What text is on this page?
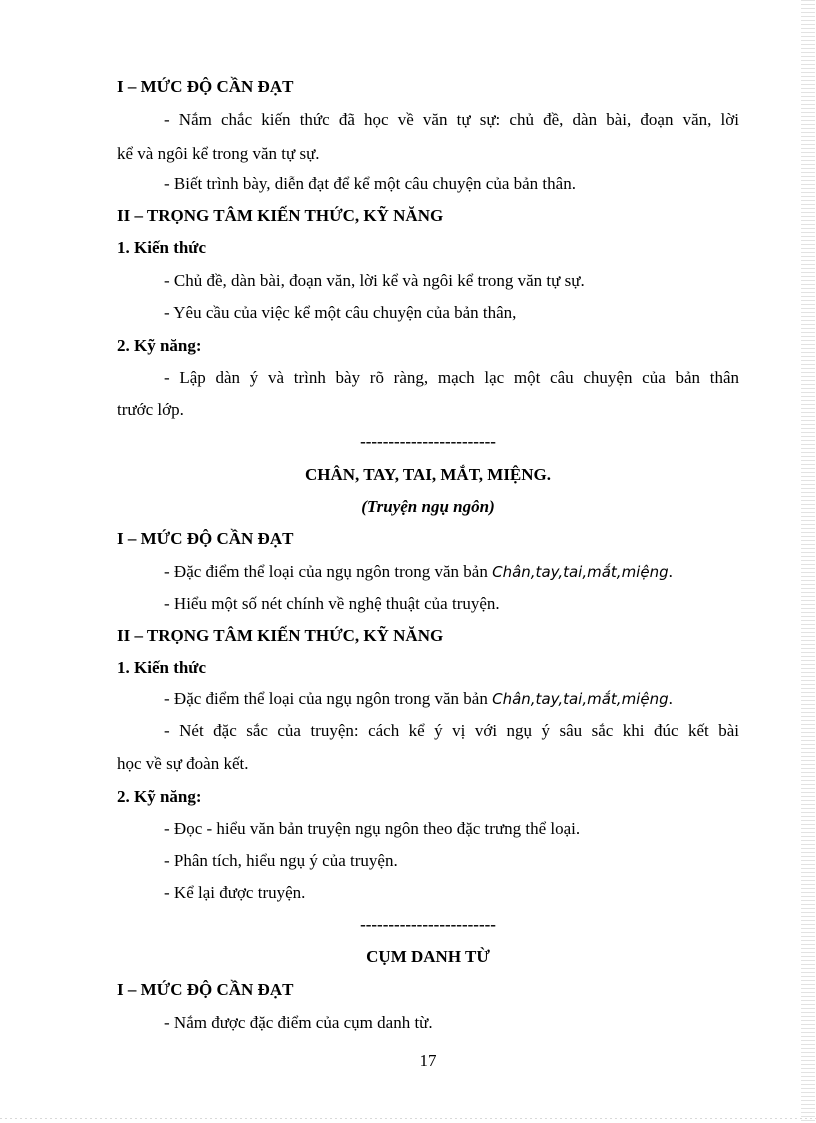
I – MỨC ĐỘ CẦN ĐẠT
- Nắm chắc kiến thức đã học về văn tự sự: chủ đề, dàn bài, đoạn văn, lời
kể và ngôi kể trong văn tự sự.
- Biết trình bày, diễn đạt để kể một câu chuyện của bản thân.
II – TRỌNG TÂM KIẾN THỨC, KỸ NĂNG
1. Kiến thức
- Chủ đề, dàn bài, đoạn văn, lời kể và ngôi kể trong văn tự sự.
- Yêu cầu của việc kể một câu chuyện của bản thân,
2. Kỹ năng:
- Lập dàn ý và trình bày rõ ràng, mạch lạc một câu chuyện của bản thân
trước lớp.
------------------------
CHÂN, TAY, TAI, MẮT, MIỆNG.
(Truyện ngụ ngôn)
I – MỨC ĐỘ CẦN ĐẠT
- Đặc điểm thể loại của ngụ ngôn trong văn bản Chân,tay,tai,mắt,miệng.
- Hiểu một số nét chính về nghệ thuật của truyện.
II – TRỌNG TÂM KIẾN THỨC, KỸ NĂNG
1. Kiến thức
- Đặc điểm thể loại của ngụ ngôn trong văn bản Chân,tay,tai,mắt,miệng.
- Nét đặc sắc của truyện: cách kể ý vị với ngụ ý sâu sắc khi đúc kết bài
học về sự đoàn kết.
2. Kỹ năng:
- Đọc - hiểu văn bản truyện ngụ ngôn theo đặc trưng thể loại.
- Phân tích, hiểu ngụ ý của truyện.
- Kể lại được truyện.
------------------------
CỤM DANH TỪ
I – MỨC ĐỘ CẦN ĐẠT
- Nắm được đặc điểm của cụm danh từ.
17
